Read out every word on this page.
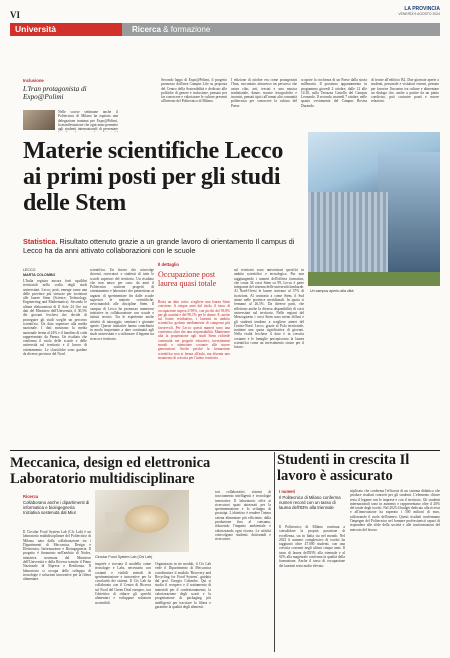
VI
LA PROVINCIA
VENERDÌ 9 AGOSTO 2024
Università	Ricerca & formazione
Inclusione
L'Iran protagonista di Expo@Polimi
Nelle scorse settimane anche il Politecnico di Milano ha ospitato una delegazione iraniana per Expo@Polimi, la manifestazione che ogni anno permette agli studenti internazionali di presentare
Secondo lappo di Expo@Polimi, il progetto promosso dall'area Campus Life su proposta del Centro della Sostenibilità e dedicato alle politiche di genere e inclusione, pensato per far conoscere e valorizzare le culture presenti all'interno del Politecnico di Milano.
I edizione di ottobre era come protagonisti l'Iran, raccontato attraverso un percorso che univa cibo, arti, tessuti e una musica tradizionale, danze, mostre fotografiche e incontri, pensati tipici all'ormai alto comunità politecnica per conoscere la cultura del Paese.
scoprire la ricchezza di un Paese dalla storia millenaria. Il prossimo appuntamento in programma giovedì 2 ottobre, dalle 12 alle 14.30, sulla Terrazza Castello del Campus Leonardo. Il secondo, martedì 7 ottobre, nelle spazio ovviamente del Campus Bovisa Durando.
di fronte all'edificio B2. Due giornate aperte a studenti, personale e visitatori esterni, pensate per favorire l'incontro tra culture e alimentare un dialogo che, anche a partire da un piatto condiviso, può costruire ponti e nuove relazioni.
Materie scientifiche Lecco ai primi posti per gli studi delle Stem
Un campus aperto alla città
Statistica. Risultato ottenuto grazie a un grande lavoro di orientamento Il campus di Lecco ha da anni attivato collaborazioni con le scuole
LECCO
MARTA COLOMBO
L'Italia registra ancora forti squilibri territoriali nella scelta degli studi universitari. Lecco, però, emerge come una delle province più virtuose per iscrizioni alle lauree Stem (Science, Technology, Engineering and Mathematics). Secondo le ultime elaborazioni di Il Sole 24 Ore sui dati del Ministero dell'Università, il 30,5% dei giovani lecchesi che decide di proseguire gli studi sceglie un percorso scientifico. Un dato superiore alla media nazionale. I dati mostrano la media nazionale ferma al 24% e il fanalino di coda rappresentato da Parma. Un risultato che conferma il ruolo delle scuole e delle università sul territorio e il lavoro di orientamento. Le classifiche sono guidate da diverse province del Nord.
scientifica. Un lavoro che coinvolge docenti, ricercatori e studenti di tutte le scuole superiori del territorio. Un risultato che non nasce per caso: da anni il Politecnico sostiene progetti di orientamento e laboratori che permettono ai ragazzi di sperimentare fin dalle scuole superiori le materie scientifiche, avvicinandoli alle discipline Stem. Il campus di Lecco ha promosso numerose iniziative in collaborazione con scuole e istituti tecnici. Tra le esperienze anche attività di tutoraggio, seminari e giornate aperte. Queste iniziative hanno contribuito in modo importante a dare continuità agli studi universitari e a rafforzare il legame tra ricerca e territorio.
Il dettaglio
Occupazione post laurea quasi totale
Resta un dato certo: scegliere una laurea Stem conviene. A cinque anni dal titolo, il tasso di occupazione supera il 90%, con picchi del 93,8% per gli uomini e del 90,1% per le donne. E, anche sul fronte retributivo, i laureati in ambito scientifico godono mediamente di compensi più favorevoli. Per Lecco questi numeri sono una conferma, oltre che una responsabilità. Mantenere alta la propensione agli studi Stem richiede continuità nei progetti educativi, investimenti morali e attenzione costante alle nuove generazioni. Anche perché la formazione scientifica non si ferma all'aula, ma diventa uno strumento di crescita per l'intero territorio.
sul territorio sono universitari specifici in ambito scientifico e tecnologico. Pur non raggiungendo i numeri dell'offerta formativa, che conta 34 corsi Stem su 99, Lecco è parte integrante del sistema delle università lombarde. Al Nord-Ovest le lauree arrivano al 37% di iscrizioni. Al contrario a come Stem, il Sud attrae nelle province meridionali. In quota si fermano al 26,5%. Da diverse parti, che riflettono anche la diversa disponibilità di corsi universitari sul territorio. Nelle regioni del Mezzogiorno i corsi Stem sono meno diffusi e gli studenti tendono a scegliere atenei del Centro-Nord. Lecco, grazie al Polo territoriale, trattiene una quota significativa di giovani. Nella realtà lecchese il dato è in crescita costante e le famiglie percepiscono la laurea scientifica come un investimento sicuro per il futuro.
Meccanica, design ed elettronica Laboratorio multidisciplinare
Ricerca
Collaborano anche i dipartimenti di informatica e bioingegneria Iniziativa sostenuta dal Miur
Il Circular Food System Lab (Cfs Lab) è un laboratorio multidisciplinare del Politecnico di Milano, nato dalla collaborazione tra i Dipartimenti di Meccanica, Design e Elettronica, Informazione e Bioingegneria. Il progetto è finanziato nell'ambito di Nodes, iniziativa sostenuta dal Ministero dell'Università e della Ricerca tramite il Piano Nazionale di Ripresa e Resilienza. Il laboratorio si occupa dello sviluppo di tecnologie e soluzioni innovative per la filiera alimentare.
Circular Food System Lab (Cfs Lab)
inspirée e trovano il modello come tecnologie e Labs, necessario con costanti e visibili metodi di sperimentazione e innovative per la circolarità dei sistemi. Il Cfs Lab ha collaborato con il Centro di Ricerca sul Food del Green Deal europeo, con l'obiettivo di ridurre gli sprechi alimentari e sviluppare soluzioni sostenibili.
Organizzato in tre moduli, il Cfs Lab vede il Dipartimento di Meccanica coordinatore il modulo 'Recovery and Recycling for Food System', guidato dal prof. Giorgio Colombo. Qui si studia il recupero e il trattamento di materiali per il confezionamento, la valorizzazione degli scarti e la progettazione di packaging più intelligenti per tracciare la filiera e garantire la qualità degli alimenti.
tori collaborativi, sistemi di tracciamento intelligenti e tecnologie innovative. Il laboratorio offre ai ricercatori spazi attrezzati per la sperimentazione e lo sviluppo di prototipi. L'obiettivo è rendere l'intera catena alimentare più efficiente, dalla produzione fino al consumo, riducendo l'impatto ambientale e valorizzando ogni risorsa. Le attività coinvolgono studenti, dottorandi e ricercatori.
Studenti in crescita Il lavoro è assicurato
I numeri
Il Politecnico di Milano conferma numeri record con un tasso di laurea dell'83% alla triennale
Il Politecnico di Milano continua a consolidare la propria posizione di eccellenza, sia in Italia sia nel mondo. Nel 2023 il numero complessivo di iscritti ha raggiunto oltre 47.000 studenti, con una crescita costante negli ultimi cinque anni. Il tasso di laurea dell'83% alla triennale e al 92% alla magistrale conferma la qualità della formazione. Anche il tasso di occupazione dei laureati resta molto elevato.
triplicato che conferma l'efficacia di un sistema didattico che produce risultati concreti per gli studenti. L'elemento chiave resta il legame con le imprese e con il territorio. Gli studenti internazionali sono in aumento e rappresentano oltre il 20% del totale degli iscritti. Nel 2025 il budget dedicato alla ricerca e all'innovazione ha superato i 500 milioni di euro, rafforzando il ruolo dell'ateneo. Questi risultati confermano l'impegno del Politecnico nel formare professionisti capaci di rispondere alle sfide della società e alle trasformazioni del mercato del lavoro.
